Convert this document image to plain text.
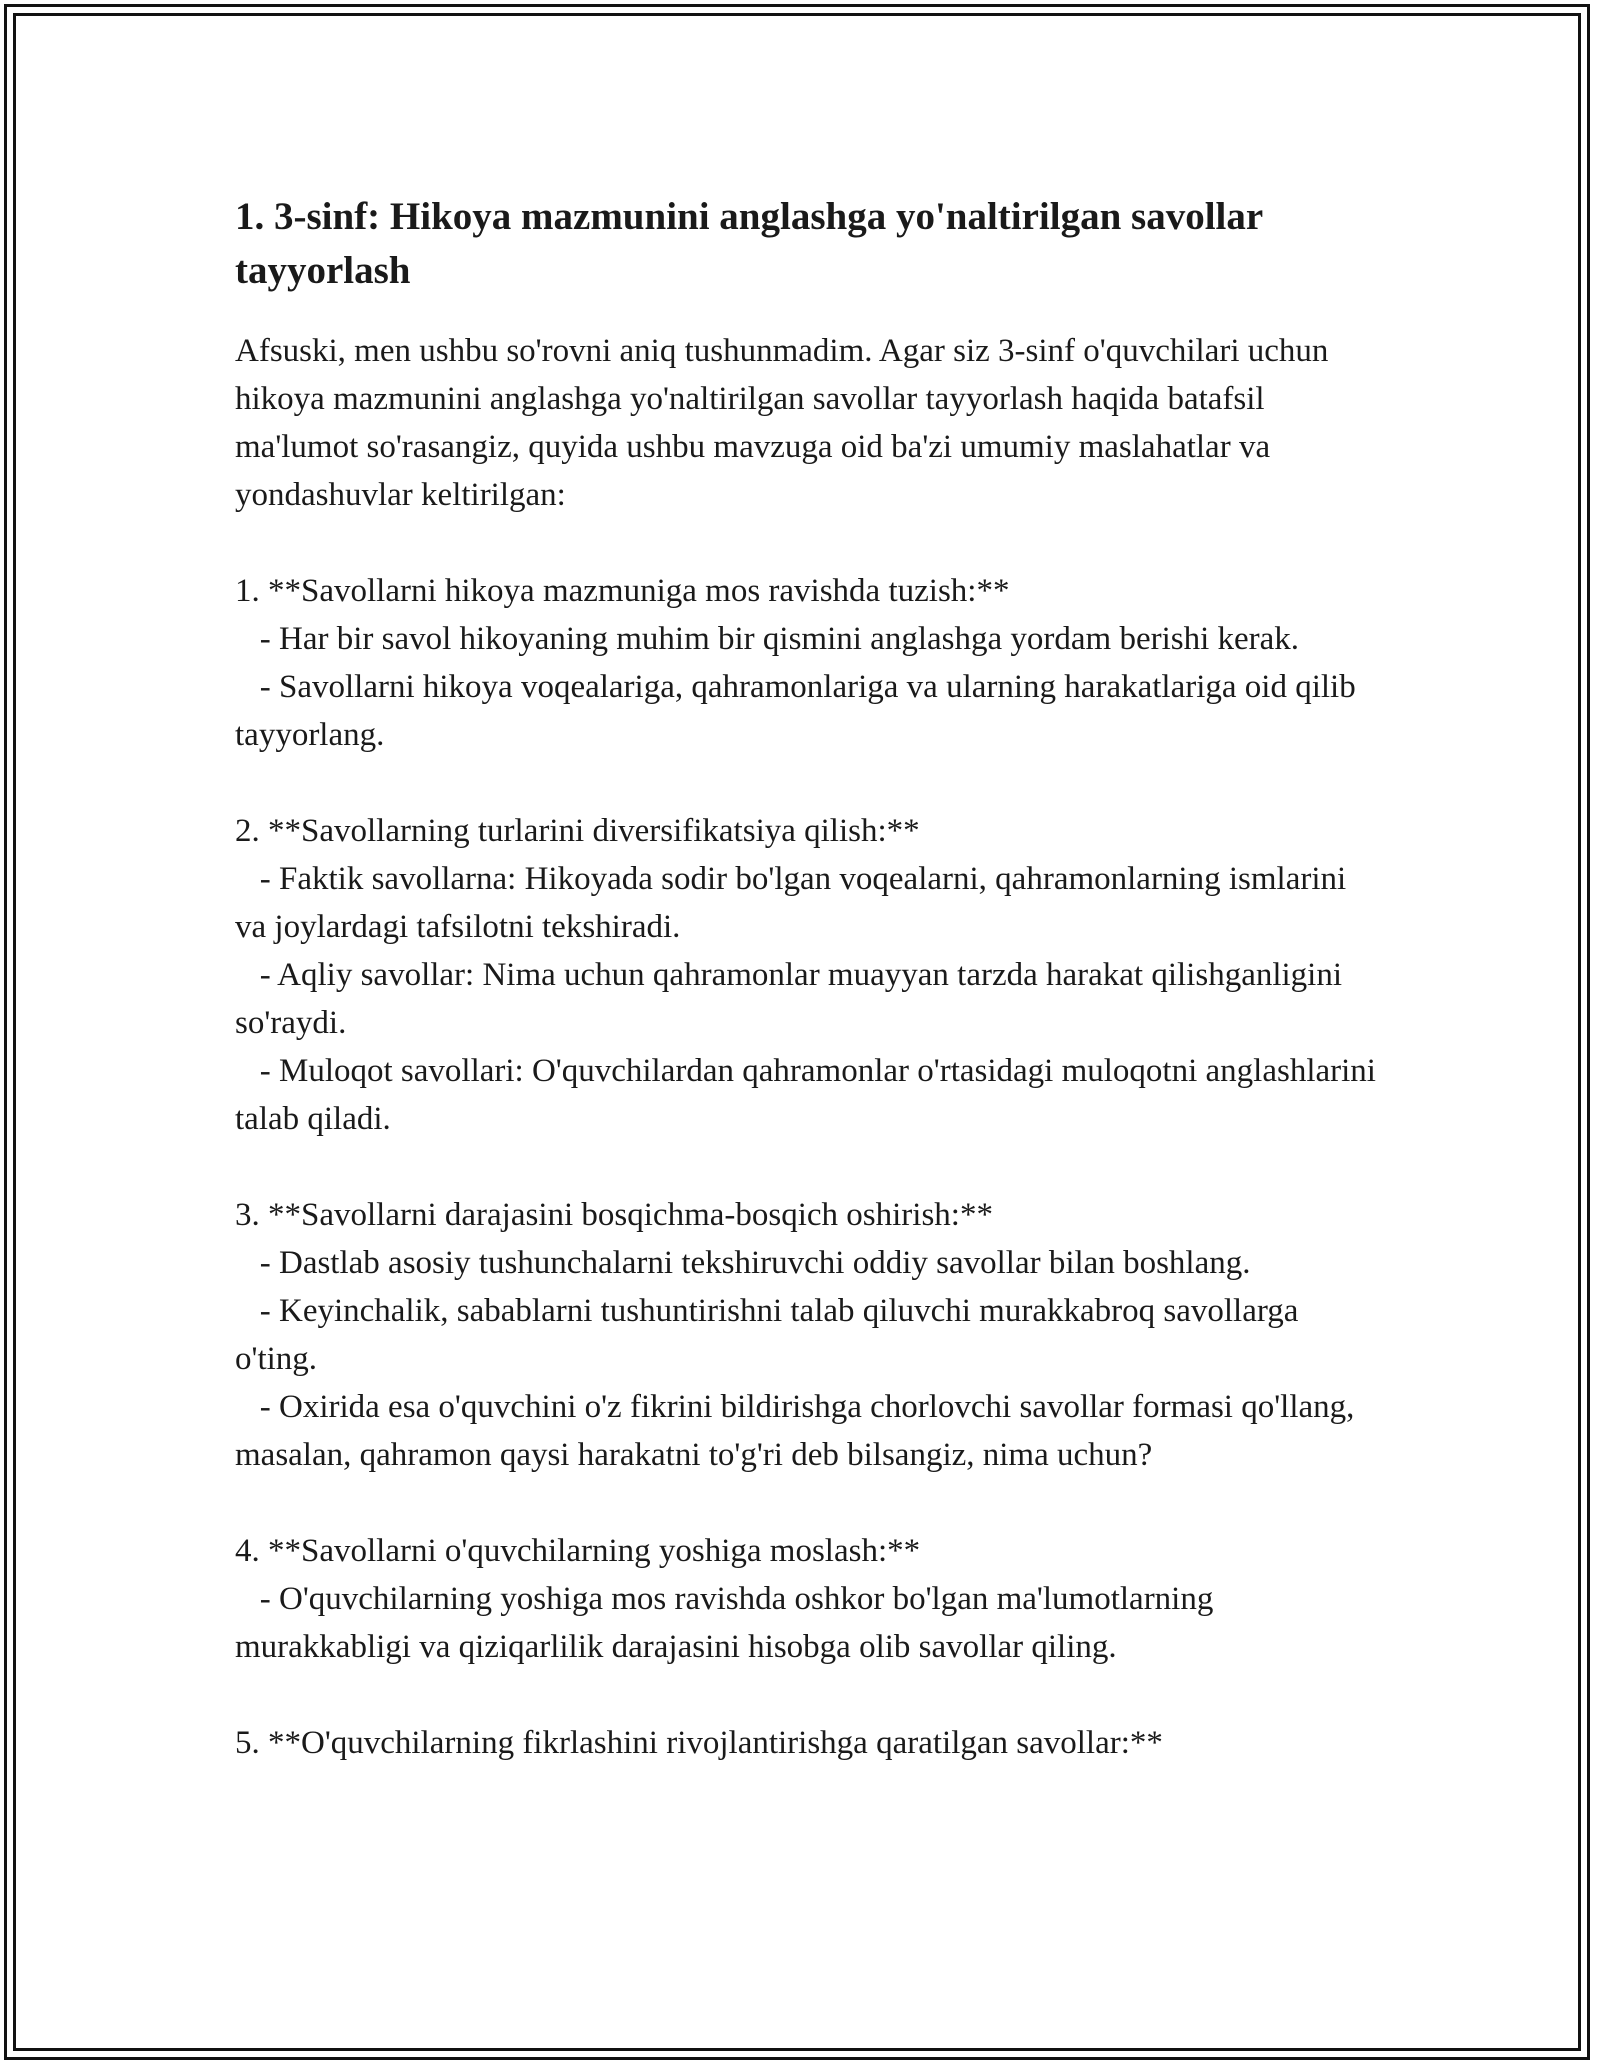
1. 3-sinf: Hikoya mazmunini anglashga yo'naltirilgan savollar tayyorlash

Afsuski, men ushbu so'rovni aniq tushunmadim. Agar siz 3-sinf o'quvchilari uchun hikoya mazmunini anglashga yo'naltirilgan savollar tayyorlash haqida batafsil ma'lumot so'rasangiz, quyida ushbu mavzuga oid ba'zi umumiy maslahatlar va yondashuvlar keltirilgan:

1. **Savollarni hikoya mazmuniga mos ravishda tuzish:**

- Har bir savol hikoyaning muhim bir qismini anglashga yordam berishi kerak.

- Savollarni hikoya voqealariga, qahramonlariga va ularning harakatlariga oid qilib tayyorlang.

2. **Savollarning turlarini diversifikatsiya qilish:**

- Faktik savollarna: Hikoyada sodir bo'lgan voqealarni, qahramonlarning ismlarini va joylardagi tafsilotni tekshiradi.

- Aqliy savollar: Nima uchun qahramonlar muayyan tarzda harakat qilishganligini so'raydi.

- Muloqot savollari: O'quvchilardan qahramonlar o'rtasidagi muloqotni anglashlarini talab qiladi.

3. **Savollarni darajasini bosqichma-bosqich oshirish:**

- Dastlab asosiy tushunchalarni tekshiruvchi oddiy savollar bilan boshlang.

- Keyinchalik, sabablarni tushuntirishni talab qiluvchi murakkabroq savollarga o'ting.

- Oxirida esa o'quvchini o'z fikrini bildirishga chorlovchi savollar formasi qo'llang, masalan, qahramon qaysi harakatni to'g'ri deb bilsangiz, nima uchun?

4. **Savollarni o'quvchilarning yoshiga moslash:**

- O'quvchilarning yoshiga mos ravishda oshkor bo'lgan ma'lumotlarning murakkabligi va qiziqarlilik darajasini hisobga olib savollar qiling.

5. **O'quvchilarning fikrlashini rivojlantirishga qaratilgan savollar:**
